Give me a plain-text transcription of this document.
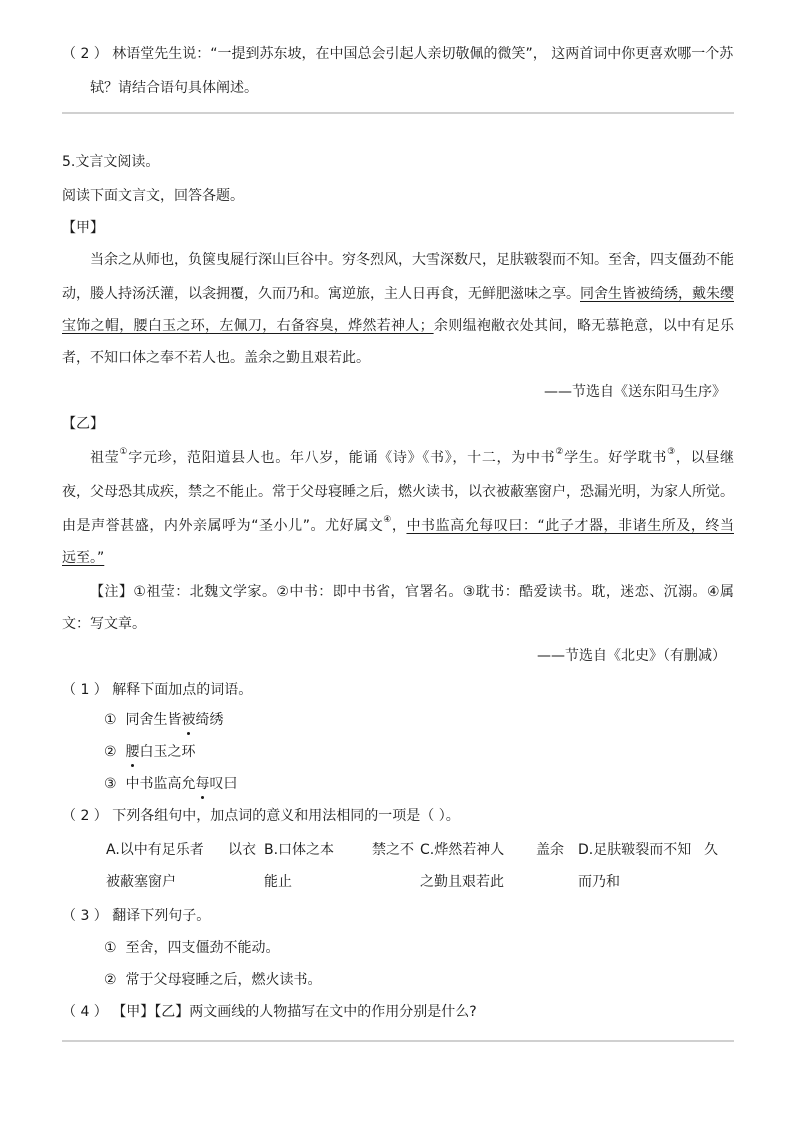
（ 2 ） 林语堂先生说：“一提到苏东坡，在中国总会引起人亲切敬佩的微笑”， 这两首词中你更喜欢哪一个苏
轼？请结合语句具体阐述。
5.文言文阅读。
阅读下面文言文，回答各题。
【甲】
当余之从师也，负箧曳屣行深山巨谷中。穷冬烈风，大雪深数尺，足肤皲裂而不知。至舍，四支僵劲不能
动，媵人持汤沃灌，以衾拥覆，久而乃和。寓逆旅，主人日再食，无鲜肥滋味之享。同舍生皆被绮绣，戴朱缨
宝饰之帽，腰白玉之环，左佩刀，右备容臭，烨然若神人；余则缊袍敝衣处其间，略无慕艳意，以中有足乐
者，不知口体之奉不若人也。盖余之勤且艰若此。
——节选自《送东阳马生序》
【乙】
祖莹①字元珍，范阳道县人也。年八岁，能诵《诗》《书》，十二，为中书②学生。好学耽书③，以昼继
夜，父母恐其成疾，禁之不能止。常于父母寝睡之后，燃火读书，以衣被蔽塞窗户，恐漏光明，为家人所觉。
由是声誉甚盛，内外亲属呼为“圣小儿”。尤好属文④，中书监高允每叹曰：“此子才器，非诸生所及，终当
远至。”
【注】①祖莹：北魏文学家。②中书：即中书省，官署名。③耽书：酷爱读书。耽，迷恋、沉溺。④属
文：写文章。
——节选自《北史》（有删减）
（ 1 ） 解释下面加点的词语。
① 同舍生皆被绮绣
② 腰白玉之环
③ 中书监高允每叹曰
（ 2 ） 下列各组句中，加点词的意义和用法相同的一项是（ ）。
A.以中有足乐者 以衣
被蔽塞窗户
B.口体之本	禁之不
能止
C.烨然若神人 盖余
之勤且艰若此
D.足肤皲裂而不知 久
而乃和
（ 3 ） 翻译下列句子。
① 至舍，四支僵劲不能动。
② 常于父母寝睡之后，燃火读书。
（ 4 ） 【甲】【乙】两文画线的人物描写在文中的作用分别是什么?
